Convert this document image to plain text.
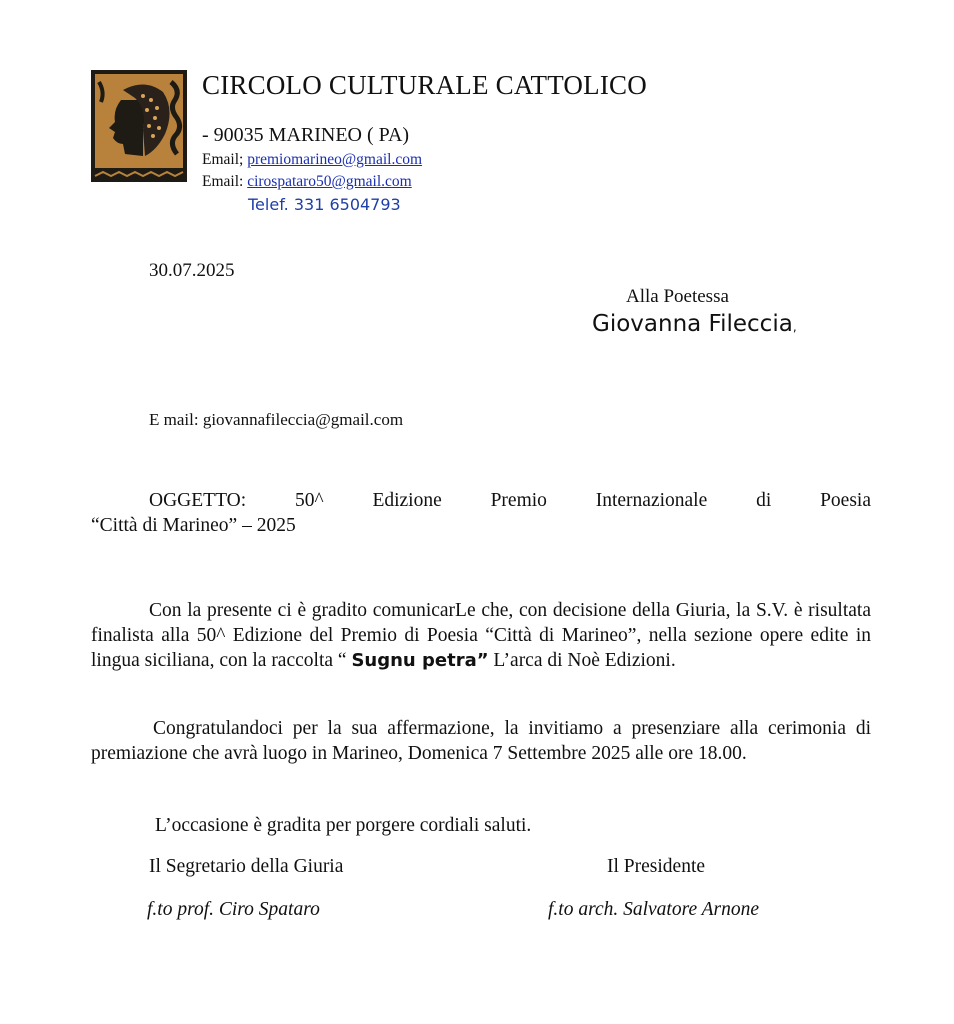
CIRCOLO CULTURALE CATTOLICO
- 90035 MARINEO ( PA)
Email; premiomarineo@gmail.com
Email: cirospataro50@gmail.com
Telef. 331 6504793
30.07.2025
Alla Poetessa
Giovanna Fileccia,
E mail: giovannafileccia@gmail.com
OGGETTO: 50^ Edizione Premio Internazionale di Poesia
“Città di Marineo” – 2025
Con la presente ci è gradito comunicarLe che, con decisione della Giuria, la S.V. è risultata finalista alla 50^ Edizione del Premio di Poesia “Città di Marineo”, nella sezione opere edite in lingua siciliana, con la raccolta “ Sugnu petra” L’arca di Noè Edizioni.
Congratulandoci per la sua affermazione, la invitiamo a presenziare alla cerimonia di premiazione che avrà luogo in Marineo, Domenica 7 Settembre 2025 alle ore 18.00.
L’occasione è gradita per porgere cordiali saluti.
Il Segretario della Giuria	Il Presidente
f.to prof. Ciro Spataro	f.to arch. Salvatore Arnone
